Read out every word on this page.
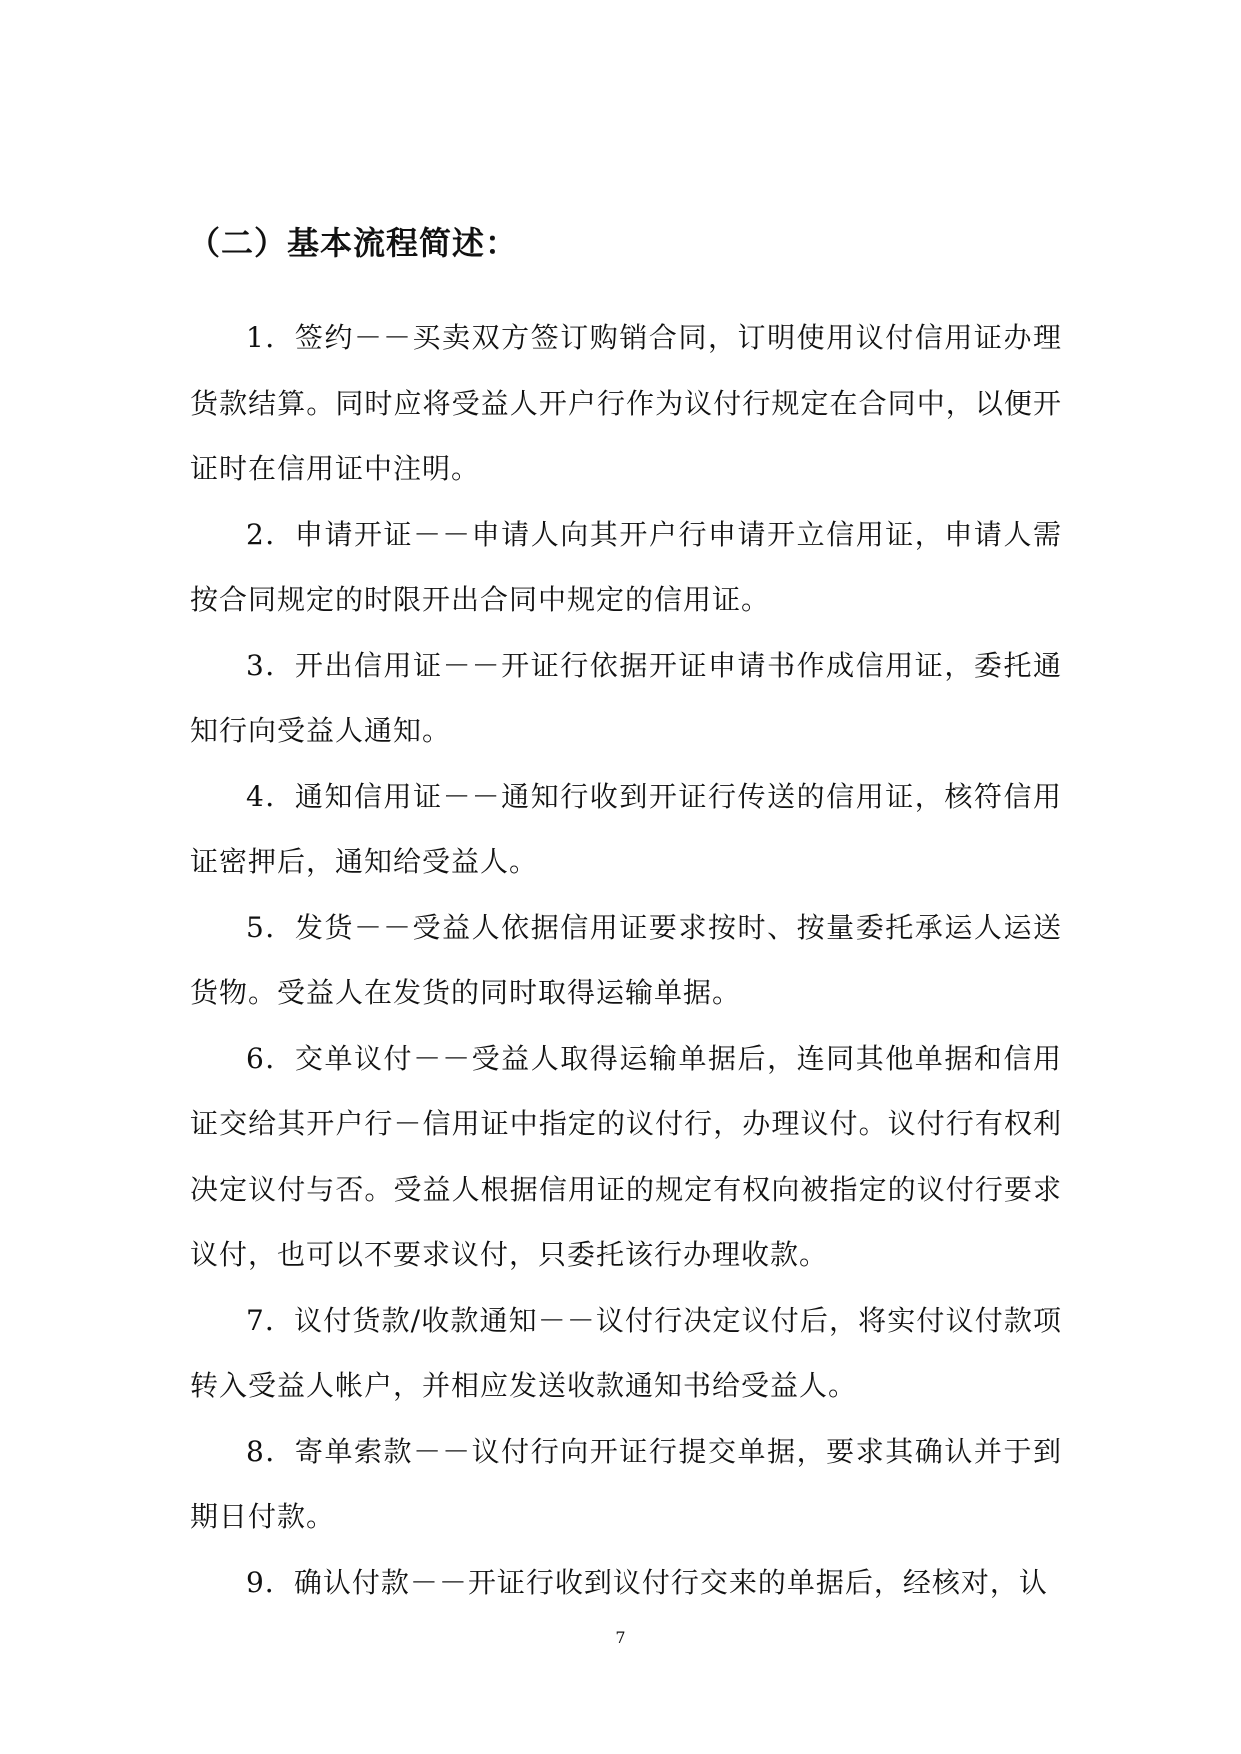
（二）基本流程简述：

1．签约－－买卖双方签订购销合同，订明使用议付信用证办理货款结算。同时应将受益人开户行作为议付行规定在合同中，以便开证时在信用证中注明。

2．申请开证－－申请人向其开户行申请开立信用证，申请人需按合同规定的时限开出合同中规定的信用证。

3．开出信用证－－开证行依据开证申请书作成信用证，委托通知行向受益人通知。

4．通知信用证－－通知行收到开证行传送的信用证，核符信用证密押后，通知给受益人。

5．发货－－受益人依据信用证要求按时、按量委托承运人运送货物。受益人在发货的同时取得运输单据。

6．交单议付－－受益人取得运输单据后，连同其他单据和信用证交给其开户行－信用证中指定的议付行，办理议付。议付行有权利决定议付与否。受益人根据信用证的规定有权向被指定的议付行要求议付，也可以不要求议付，只委托该行办理收款。

7．议付货款/收款通知－－议付行决定议付后，将实付议付款项转入受益人帐户，并相应发送收款通知书给受益人。

8．寄单索款－－议付行向开证行提交单据，要求其确认并于到期日付款。

9．确认付款－－开证行收到议付行交来的单据后，经核对，认

7
